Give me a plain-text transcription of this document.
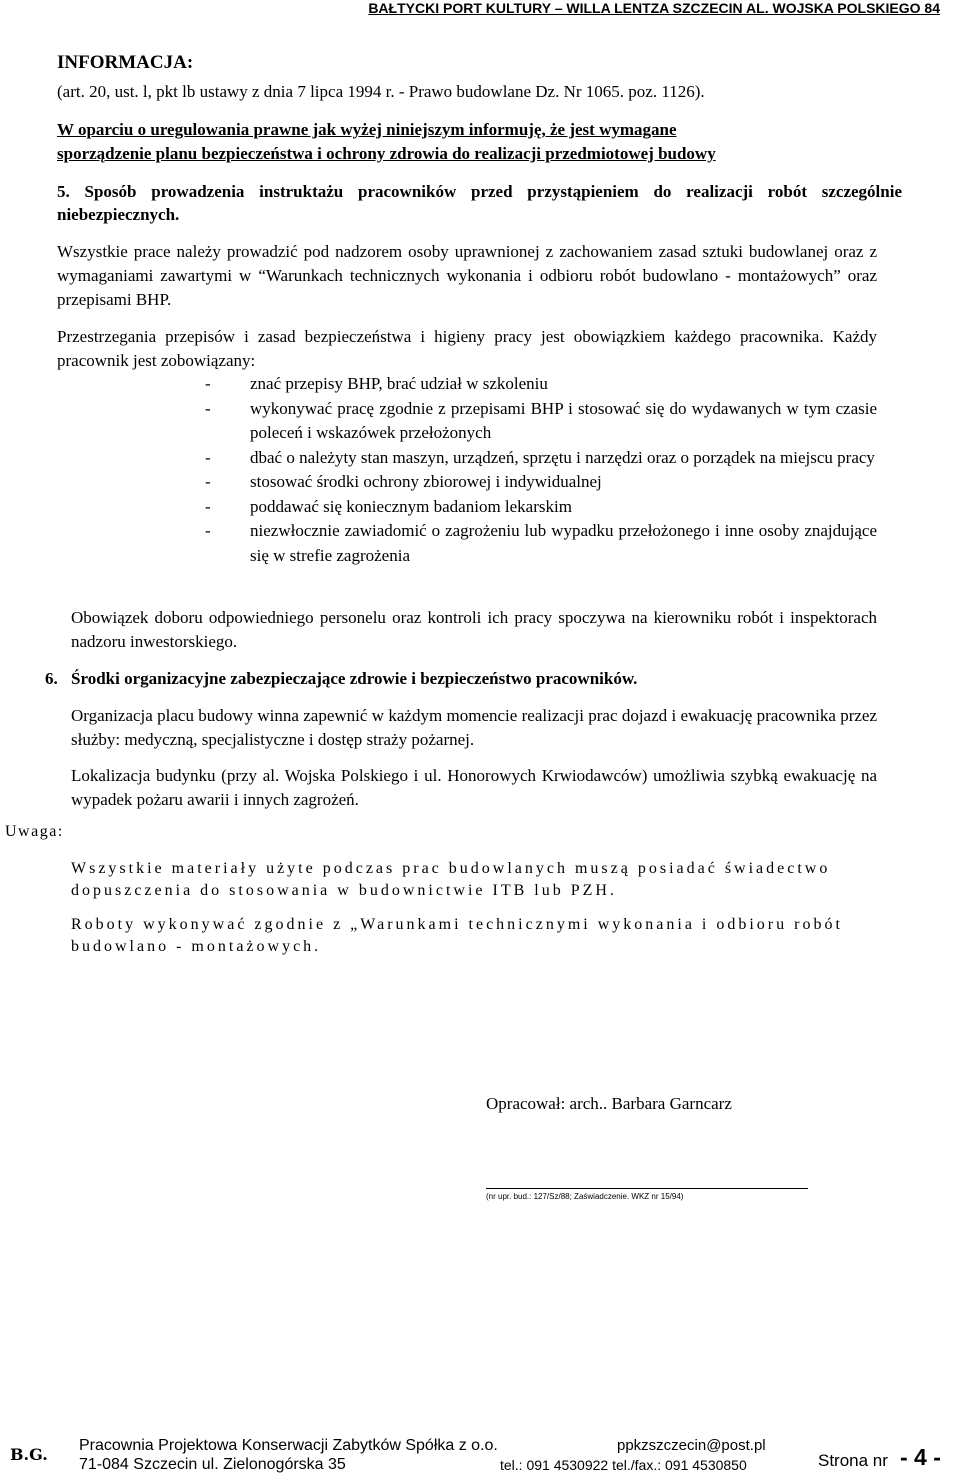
BAŁTYCKI PORT KULTURY – WILLA LENTZA SZCZECIN AL. WOJSKA POLSKIEGO 84
INFORMACJA:
(art. 20, ust. l, pkt lb ustawy z dnia 7 lipca 1994 r. - Prawo budowlane Dz. Nr 1065. poz. 1126).
W oparciu o uregulowania prawne jak wyżej niniejszym informuję, że jest wymagane
sporządzenie planu bezpieczeństwa i ochrony zdrowia do realizacji przedmiotowej budowy
5. Sposób prowadzenia instruktażu pracowników przed przystąpieniem do realizacji robót szczególnie niebezpiecznych.
Wszystkie prace należy prowadzić pod nadzorem osoby uprawnionej z zachowaniem zasad sztuki budowlanej oraz z wymaganiami zawartymi w “Warunkach technicznych wykonania i odbioru robót budowlano - montażowych” oraz przepisami BHP.
Przestrzegania przepisów i zasad bezpieczeństwa i higieny pracy jest obowiązkiem każdego pracownika. Każdy pracownik jest zobowiązany:
- znać przepisy BHP, brać udział w szkoleniu
- wykonywać pracę zgodnie z przepisami BHP i stosować się do wydawanych w tym czasie poleceń i wskazówek przełożonych
- dbać o należyty stan maszyn, urządzeń, sprzętu i narzędzi oraz o porządek na miejscu pracy
- stosować środki ochrony zbiorowej i indywidualnej
- poddawać się koniecznym badaniom lekarskim
- niezwłocznie zawiadomić o zagrożeniu lub wypadku przełożonego i inne osoby znajdujące się w strefie zagrożenia
Obowiązek doboru odpowiedniego personelu oraz kontroli ich pracy spoczywa na kierowniku robót i inspektorach nadzoru inwestorskiego.
6. Środki organizacyjne zabezpieczające zdrowie i bezpieczeństwo pracowników.
Organizacja placu budowy winna zapewnić w każdym momencie realizacji prac dojazd i ewakuację pracownika przez służby: medyczną, specjalistyczne i dostęp straży pożarnej.
Lokalizacja budynku (przy al. Wojska Polskiego i ul. Honorowych Krwiodawców) umożliwia szybką ewakuację na wypadek pożaru awarii i innych zagrożeń.
Uwaga:
Wszystkie materiały użyte podczas prac budowlanych muszą posiadać świadectwo dopuszczenia do stosowania w budownictwie ITB lub PZH.
Roboty wykonywać zgodnie z „Warunkami technicznymi wykonania i odbioru robót budowlano - montażowych.
Opracował: arch.. Barbara Garncarz
(nr upr. bud.: 127/Sz/88; Zaświadczenie. WKZ nr 15/94)
B.G. Pracownia Projektowa Konserwacji Zabytków Spółka z o.o.
71-084 Szczecin ul. Zielonogórska 35
ppkzszczecin@post.pl
tel.: 091 4530922 tel./fax.: 091 4530850	Strona nr - 4 -
